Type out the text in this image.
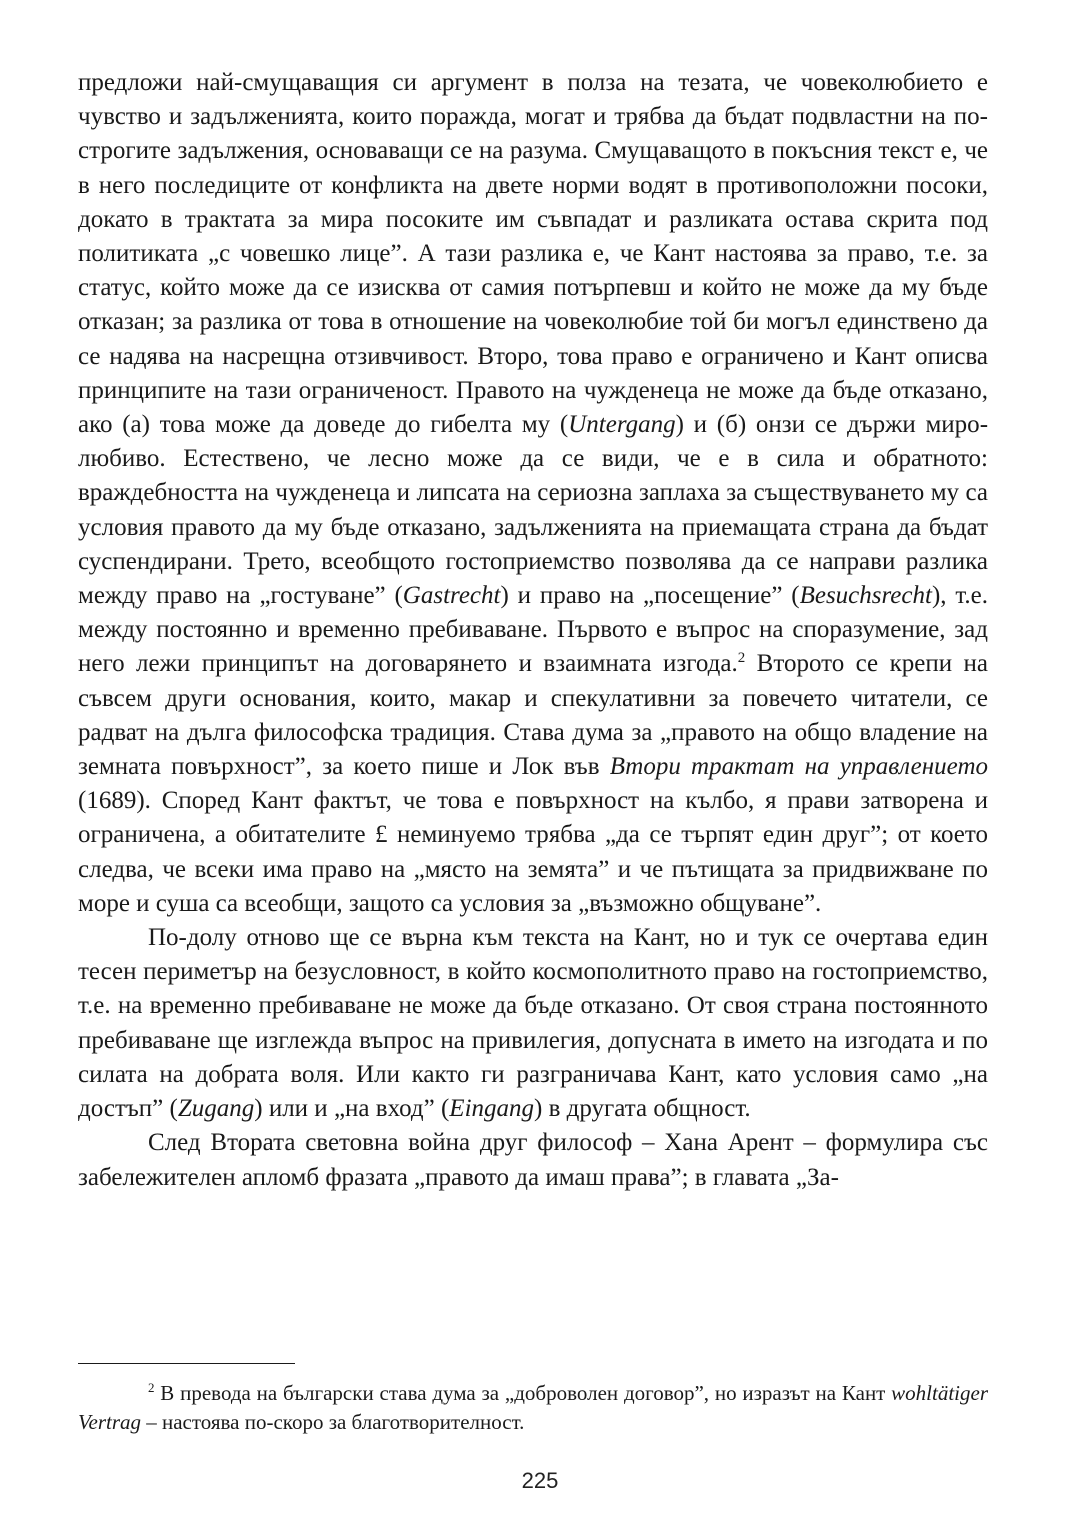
предложи най-смущаващия си аргумент в полза на тезата, че човеколюбието е чувство и задълженията, които поражда, могат и трябва да бъдат подвластни на по-строгите задължения, основаващи се на разума. Смущаващото в покъсния текст е, че в него последиците от конфликта на двете норми водят в противоположни посоки, докато в трактата за мира посоките им съвпадат и разликата остава скрита под политиката „с човешко лице”. А тази разлика е, че Кант настоява за право, т.е. за статус, който може да се изисква от самия потърпевш и който не може да му бъде отказан; за разлика от това в отношение на човеколюбие той би могъл единствено да се надява на насрещна отзивчивост. Второ, това право е ограничено и Кант описва принципите на тази ограниченост. Правото на чужденеца не може да бъде отказано, ако (а) това може да доведе до гибелта му (Untergang) и (б) онзи се държи миролюбиво. Естествено, че лесно може да се види, че е в сила и обратното: враждебността на чужденеца и липсата на сериозна заплаха за съществуването му са условия правото да му бъде отказано, задълженията на приемащата страна да бъдат суспендирани. Трето, всеобщото гостоприемство позволява да се направи разлика между право на „гостуване” (Gastrecht) и право на „посещение” (Besuchsrecht), т.е. между постоянно и временно пребивaване. Първото е въпрос на споразумение, зад него лежи принципът на договарянето и взаимната изгода.$^2$ Второто се крепи на съвсем други основания, които, макар и спекулативни за повечето читатели, се радват на дълга философска традиция. Става дума за „правото на общо владение на земната повърхност”, за което пише и Лок във Втори трактат на управлението (1689). Според Кант фактът, че това е повърхност на кълбо, я прави затворена и ограничена, а обитателите £ неминуемо трябва „да се търпят един друг”; от което следва, че всеки има право на „място на земята” и че пътищата за придвижване по море и суша са всеобщи, защото са условия за „възможно общуване”.

По-долу отново ще се върна към текста на Кант, но и тук се очертава един тесен периметър на безусловност, в който космополитното право на гостоприемство, т.е. на временно пребиваване не може да бъде отказано. От своя страна постоянното пребиваване ще изглежда въпрос на привилегия, допусната в името на изгодата и по силата на добрата воля. Или както ги разграничава Кант, като условия само „на достъп” (Zugang) или и „на вход” (Eingang) в другата общност.

След Втората световна война друг философ – Хана Арент – формулира със забележителен апломб фразата „правото да имаш права”; в главата „За-

$^2$ В превода на български става дума за „доброволен договор”, но изразът на Кант wohltätiger Vertrag – настоява по-скоро за благотворителност.

225
